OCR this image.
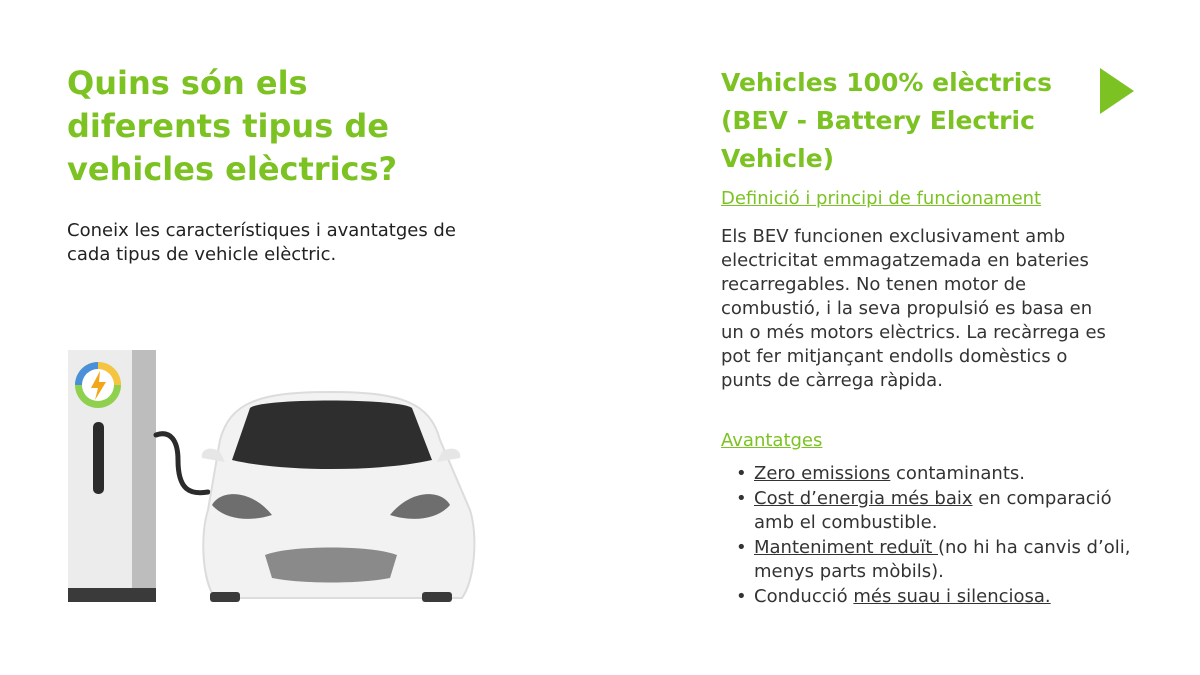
Quins són els diferents tipus de vehicles elèctrics?

Coneix les característiques i avantatges de cada tipus de vehicle elèctric.

Vehicles 100% elèctrics (BEV - Battery Electric Vehicle)
Definició i principi de funcionament

Els BEV funcionen exclusivament amb electricitat emmagatzemada en bateries recarregables. No tenen motor de combustió, i la seva propulsió es basa en un o més motors elèctrics. La recàrrega es pot fer mitjançant endolls domèstics o punts de càrrega ràpida.

Avantatges
• Zero emissions contaminants.
• Cost d’energia més baix en comparació amb el combustible.
• Manteniment reduït (no hi ha canvis d’oli, menys parts mòbils).
• Conducció més suau i silenciosa.
